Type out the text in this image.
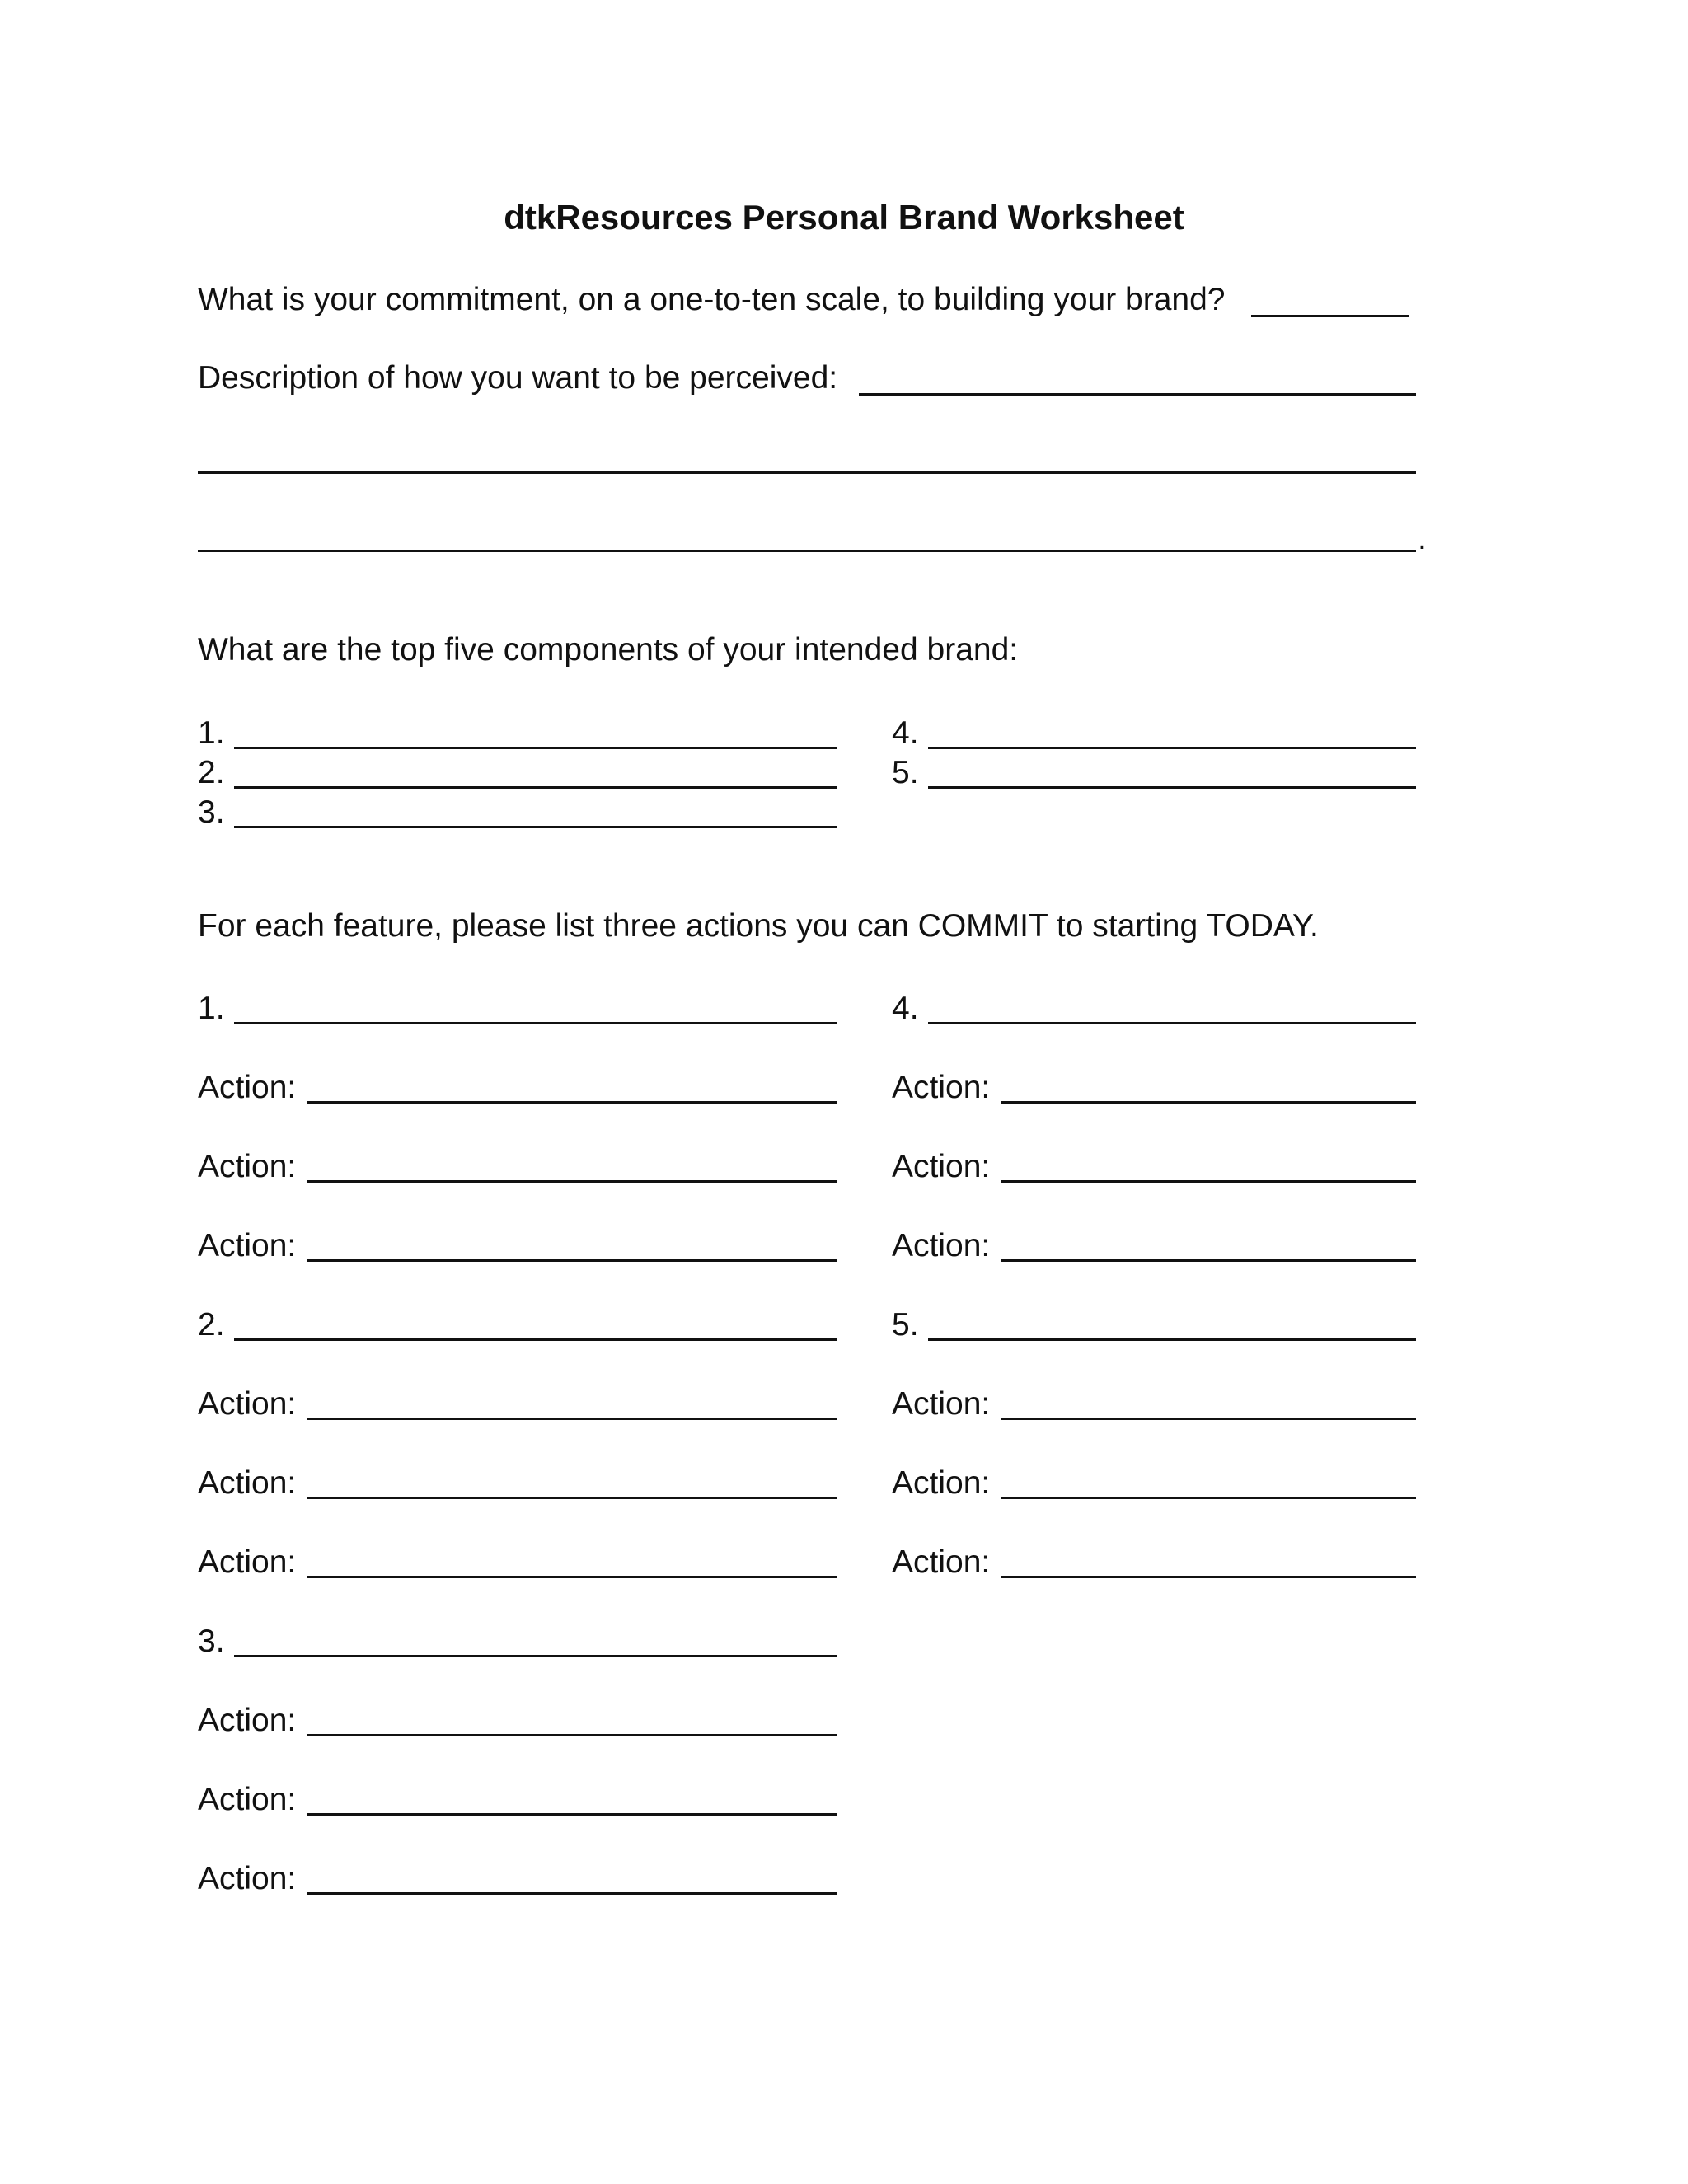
dtkResources Personal Brand Worksheet
What is your commitment, on a one-to-ten scale, to building your brand?
Description of how you want to be perceived:
.
What are the top five components of your intended brand:
1.
2.
3.
4.
5.
For each feature, please list three actions you can COMMIT to starting TODAY.
1.
Action:
Action:
Action:
2.
Action:
Action:
Action:
3.
Action:
Action:
Action:
4.
Action:
Action:
Action:
5.
Action:
Action:
Action:
